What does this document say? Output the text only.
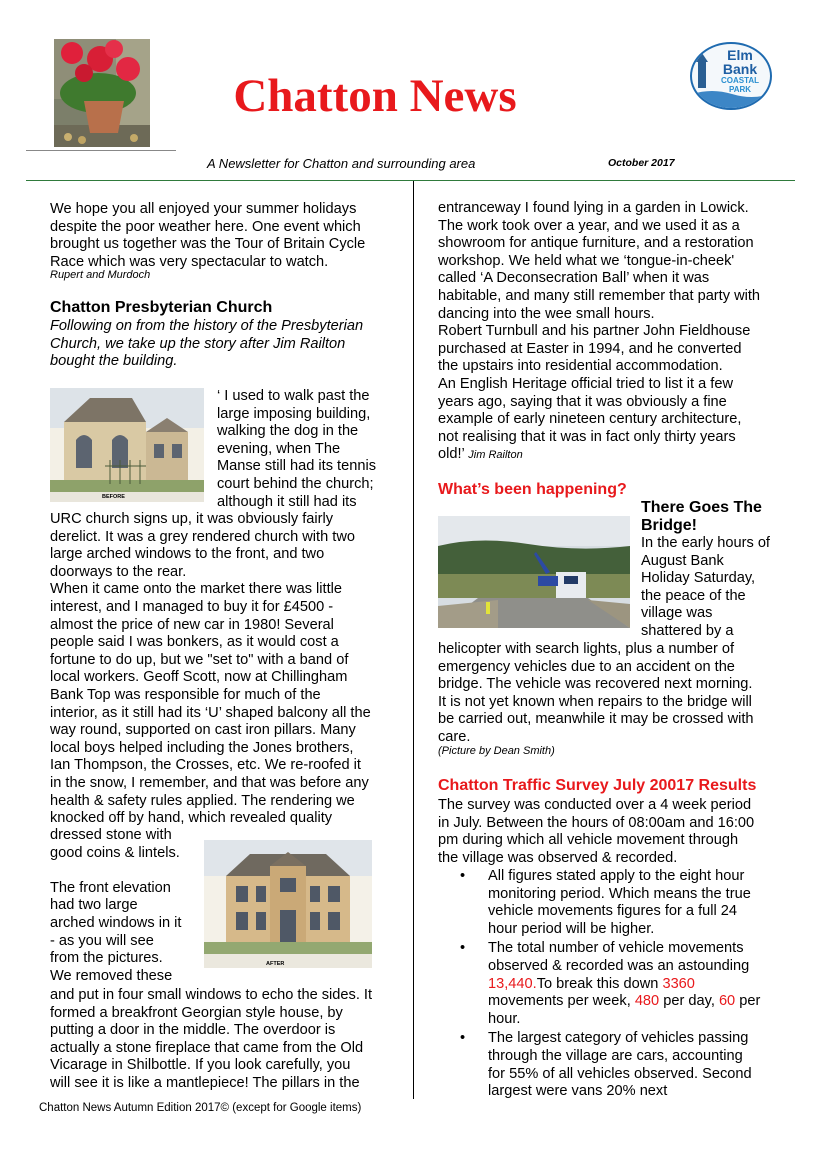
Chatton News
Elm
Bank
COASTAL
PARK
A Newsletter for Chatton and surrounding area	October 2017

We hope you all enjoyed your summer holidays

despite the poor weather here. One event which

brought us together was the Tour of Britain Cycle

Race which was very spectacular to watch.

Rupert and Murdoch
Chatton Presbyterian Church

Following on from the history of the Presbyterian

Church, we take up the story after Jim Railton

bought the building.

BEFORE

‘ I used to walk past the

large imposing building,

walking the dog in the

evening, when The

Manse still had its tennis

court behind the church;

although it still had its

URC church signs up, it was obviously fairly

derelict. It was a grey rendered church with two

large arched windows to the front, and two

doorways to the rear.

When it came onto the market there was little

interest, and I managed to buy it for £4500 -

almost the price of new car in 1980! Several

people said I was bonkers, as it would cost a

fortune to do up, but we "set to" with a band of

local workers. Geoff Scott, now at Chillingham

Bank Top was responsible for much of the

interior, as it still had its ‘U’ shaped balcony all the

way round, supported on cast iron pillars. Many

local boys helped including the Jones brothers,

Ian Thompson, the Crosses, etc. We re-roofed it

in the snow, I remember, and that was before any

health & safety rules applied. The rendering we

knocked off by hand, which revealed quality

AFTER

dressed stone with

good coins & lintels.

The front elevation

had two large

arched windows in it

- as you will see

from the pictures.

We removed these

and put in four small windows to echo the sides. It

formed a breakfront Georgian style house, by

putting a door in the middle. The overdoor is

actually a stone fireplace that came from the Old

Vicarage in Shilbottle. If you look carefully, you

will see it is like a mantlepiece! The pillars in the

Chatton News Autumn Edition 2017© (except for Google items)

entranceway I found lying in a garden in Lowick.

The work took over a year, and we used it as a

showroom for antique furniture, and a restoration

workshop. We held what we ‘tongue-in-cheek'

called ‘A Deconsecration Ball’ when it was

habitable, and many still remember that party with

dancing into the wee small hours.

Robert Turnbull and his partner John Fieldhouse

purchased at Easter in 1994, and he converted

the upstairs into residential accommodation.

An English Heritage official tried to list it a few

years ago, saying that it was obviously a fine

example of early nineteen century architecture,

not realising that it was in fact only thirty years

old!’ Jim Railton

What’s been happening?
There Goes The
Bridge!

In the early hours of

August Bank

Holiday Saturday,

the peace of the

village was

shattered by a

helicopter with search lights, plus a number of

emergency vehicles due to an accident on the

bridge. The vehicle was recovered next morning.

It is not yet known when repairs to the bridge will

be carried out, meanwhile it may be crossed with

care.

(Picture by Dean Smith)
Chatton Traffic Survey July 20017 Results

The survey was conducted over a 4 week period

in July. Between the hours of 08:00am and 16:00

pm during which all vehicle movement through

the village was observed & recorded.

• All figures stated apply to the eight hour
monitoring period. Which means the true
vehicle movements figures for a full 24
hour period will be higher.
• The total number of vehicle movements
observed & recorded was an astounding
13,440.To break this down 3360
movements per week, 480 per day, 60 per
hour.
• The largest category of vehicles passing
through the village are cars, accounting
for 55% of all vehicles observed. Second
largest were vans 20% next
